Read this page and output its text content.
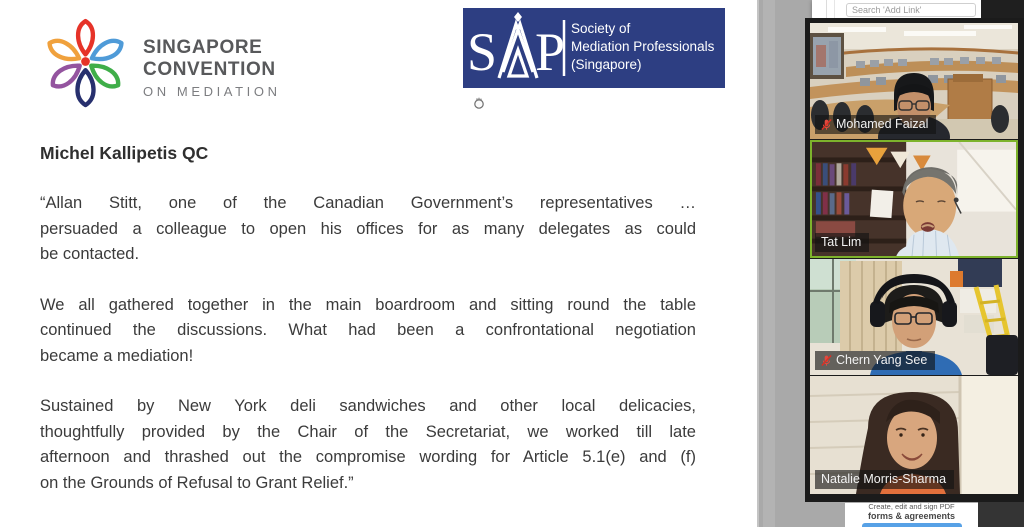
SINGAPORE
CONVENTION
ON MEDIATION
S P Society of
Mediation Professionals
(Singapore)

Michel Kallipetis QC

“Allan Stitt, one of the Canadian Government’s representatives …
persuaded a colleague to open his offices for as many delegates as could
be contacted.
We all gathered together in the main boardroom and sitting round the table
continued the discussions. What had been a confrontational negotiation
became a mediation!
Sustained by New York deli sandwiches and other local delicacies,
thoughtfully provided by the Chair of the Secretariat, we worked till late
afternoon and thrashed out the compromise wording for Article 5.1(e) and (f)
on the Grounds of Refusal to Grant Relief.”
Search 'Add Link'
Mohamed Faizal
Tat Lim
Chern Yang See
Natalie Morris-Sharma
Create, edit and sign PDF
forms & agreements
